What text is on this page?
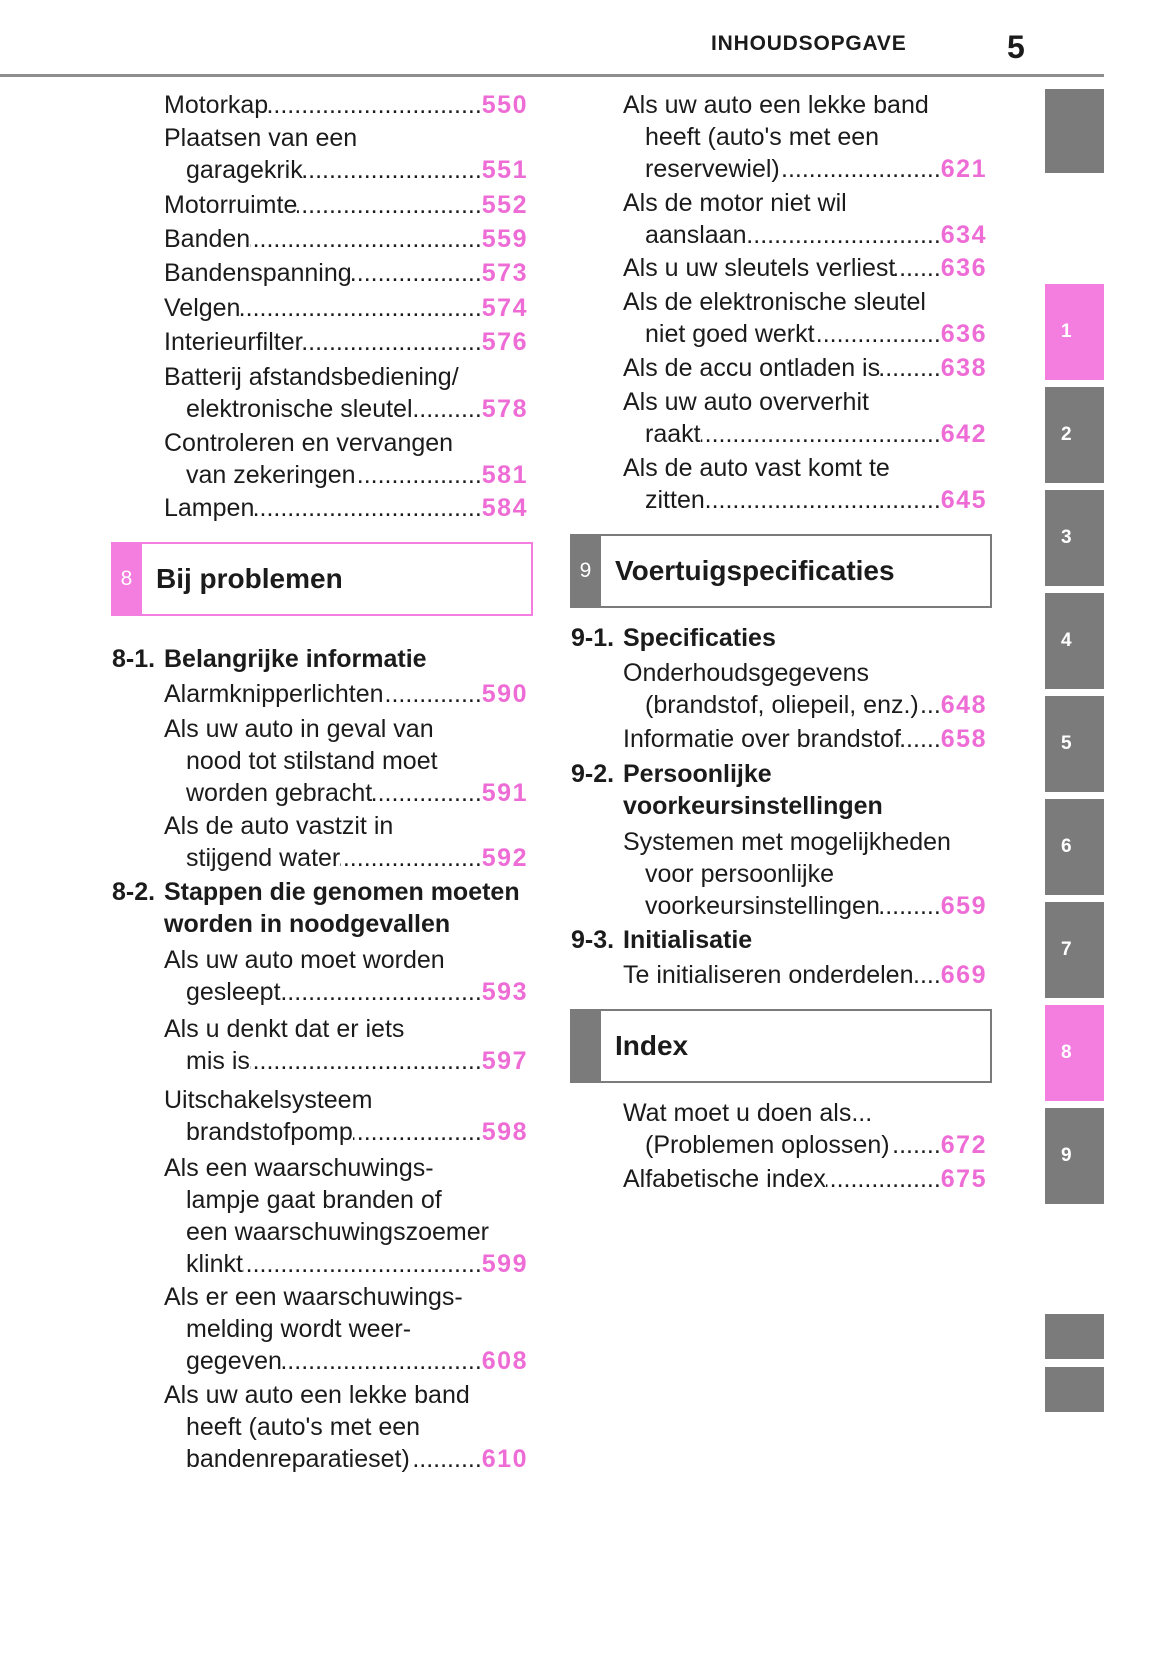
INHOUDSOPGAVE	5
Motorkap .....	550
Plaatsen van een
garagekrik .....	551
Motorruimte .....	552
Banden .....	559
Bandenspanning .....	573
Velgen .....	574
Interieurfilter .....	576
Batterij afstandsbediening/
elektronische sleutel .....	578
Controleren en vervangen
van zekeringen .....	581
Lampen .....	584
8 Bij problemen
8-1. Belangrijke informatie
Alarmknipperlichten .....	590
Als uw auto in geval van
nood tot stilstand moet
worden gebracht .....	591
Als de auto vastzit in
stijgend water .....	592
8-2. Stappen die genomen moeten
worden in noodgevallen
Als uw auto moet worden
gesleept .....	593
Als u denkt dat er iets
mis is .....	597
Uitschakelsysteem
brandstofpomp .....	598
Als een waarschuwings-
lampje gaat branden of
een waarschuwingszoemer
klinkt .....	599
Als er een waarschuwings-
melding wordt weer-
gegeven .....	608
Als uw auto een lekke band
heeft (auto's met een
bandenreparatieset) .....	610
Als uw auto een lekke band
heeft (auto's met een
reservewiel) .....	621
Als de motor niet wil
aanslaan .....	634
Als u uw sleutels verliest ..... 636
Als de elektronische sleutel
niet goed werkt .....	636
Als de accu ontladen is ..... 638
Als uw auto oververhit
raakt .....	642
Als de auto vast komt te
zitten .....	645
9 Voertuigspecificaties
9-1. Specificaties
Onderhoudsgegevens
(brandstof, oliepeil, enz.) ..... 648
Informatie over brandstof ..... 658
9-2. Persoonlijke
voorkeursinstellingen
Systemen met mogelijkheden
voor persoonlijke
voorkeursinstellingen ..... 659
9-3. Initialisatie
Te initialiseren onderdelen ..... 669
Index
Wat moet u doen als...
(Problemen oplossen) ..... 672
Alfabetische index .....	675
1
2
3
4
5
6
7
8
9
